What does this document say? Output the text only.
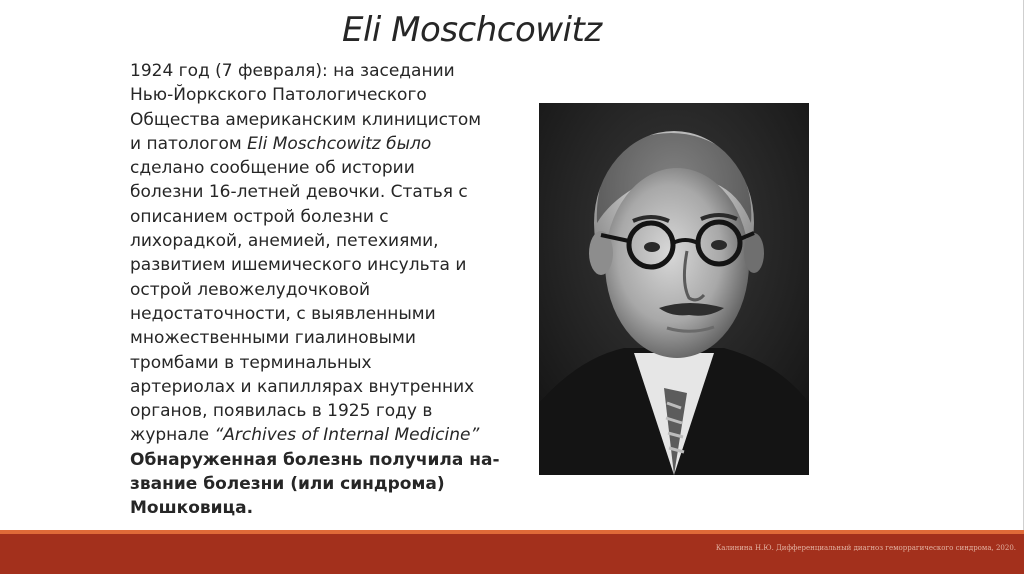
Eli Moschcowitz
1924 год (7 февраля): на заседании
Нью-Йоркского Патологического
Общества американским клиницистом
и патологом Eli Moschcowitz было
сделано сообщение об истории
болезни 16-летней девочки. Статья с
описанием острой болезни с
лихорадкой, анемией, петехиями,
развитием ишемического инсульта и
острой левожелудочковой
недостаточности, с выявленными
множественными гиалиновыми
тромбами в терминальных
артериолах и капиллярах внутренних
органов, появилась в 1925 году в
журнале “Archives of Internal Medicine”
Обнаруженная болезнь получила на-
звание болезни (или синдрома)
Мошковица.
Калинина Н.Ю. Дифференциальный диагноз геморрагического синдрома, 2020.
